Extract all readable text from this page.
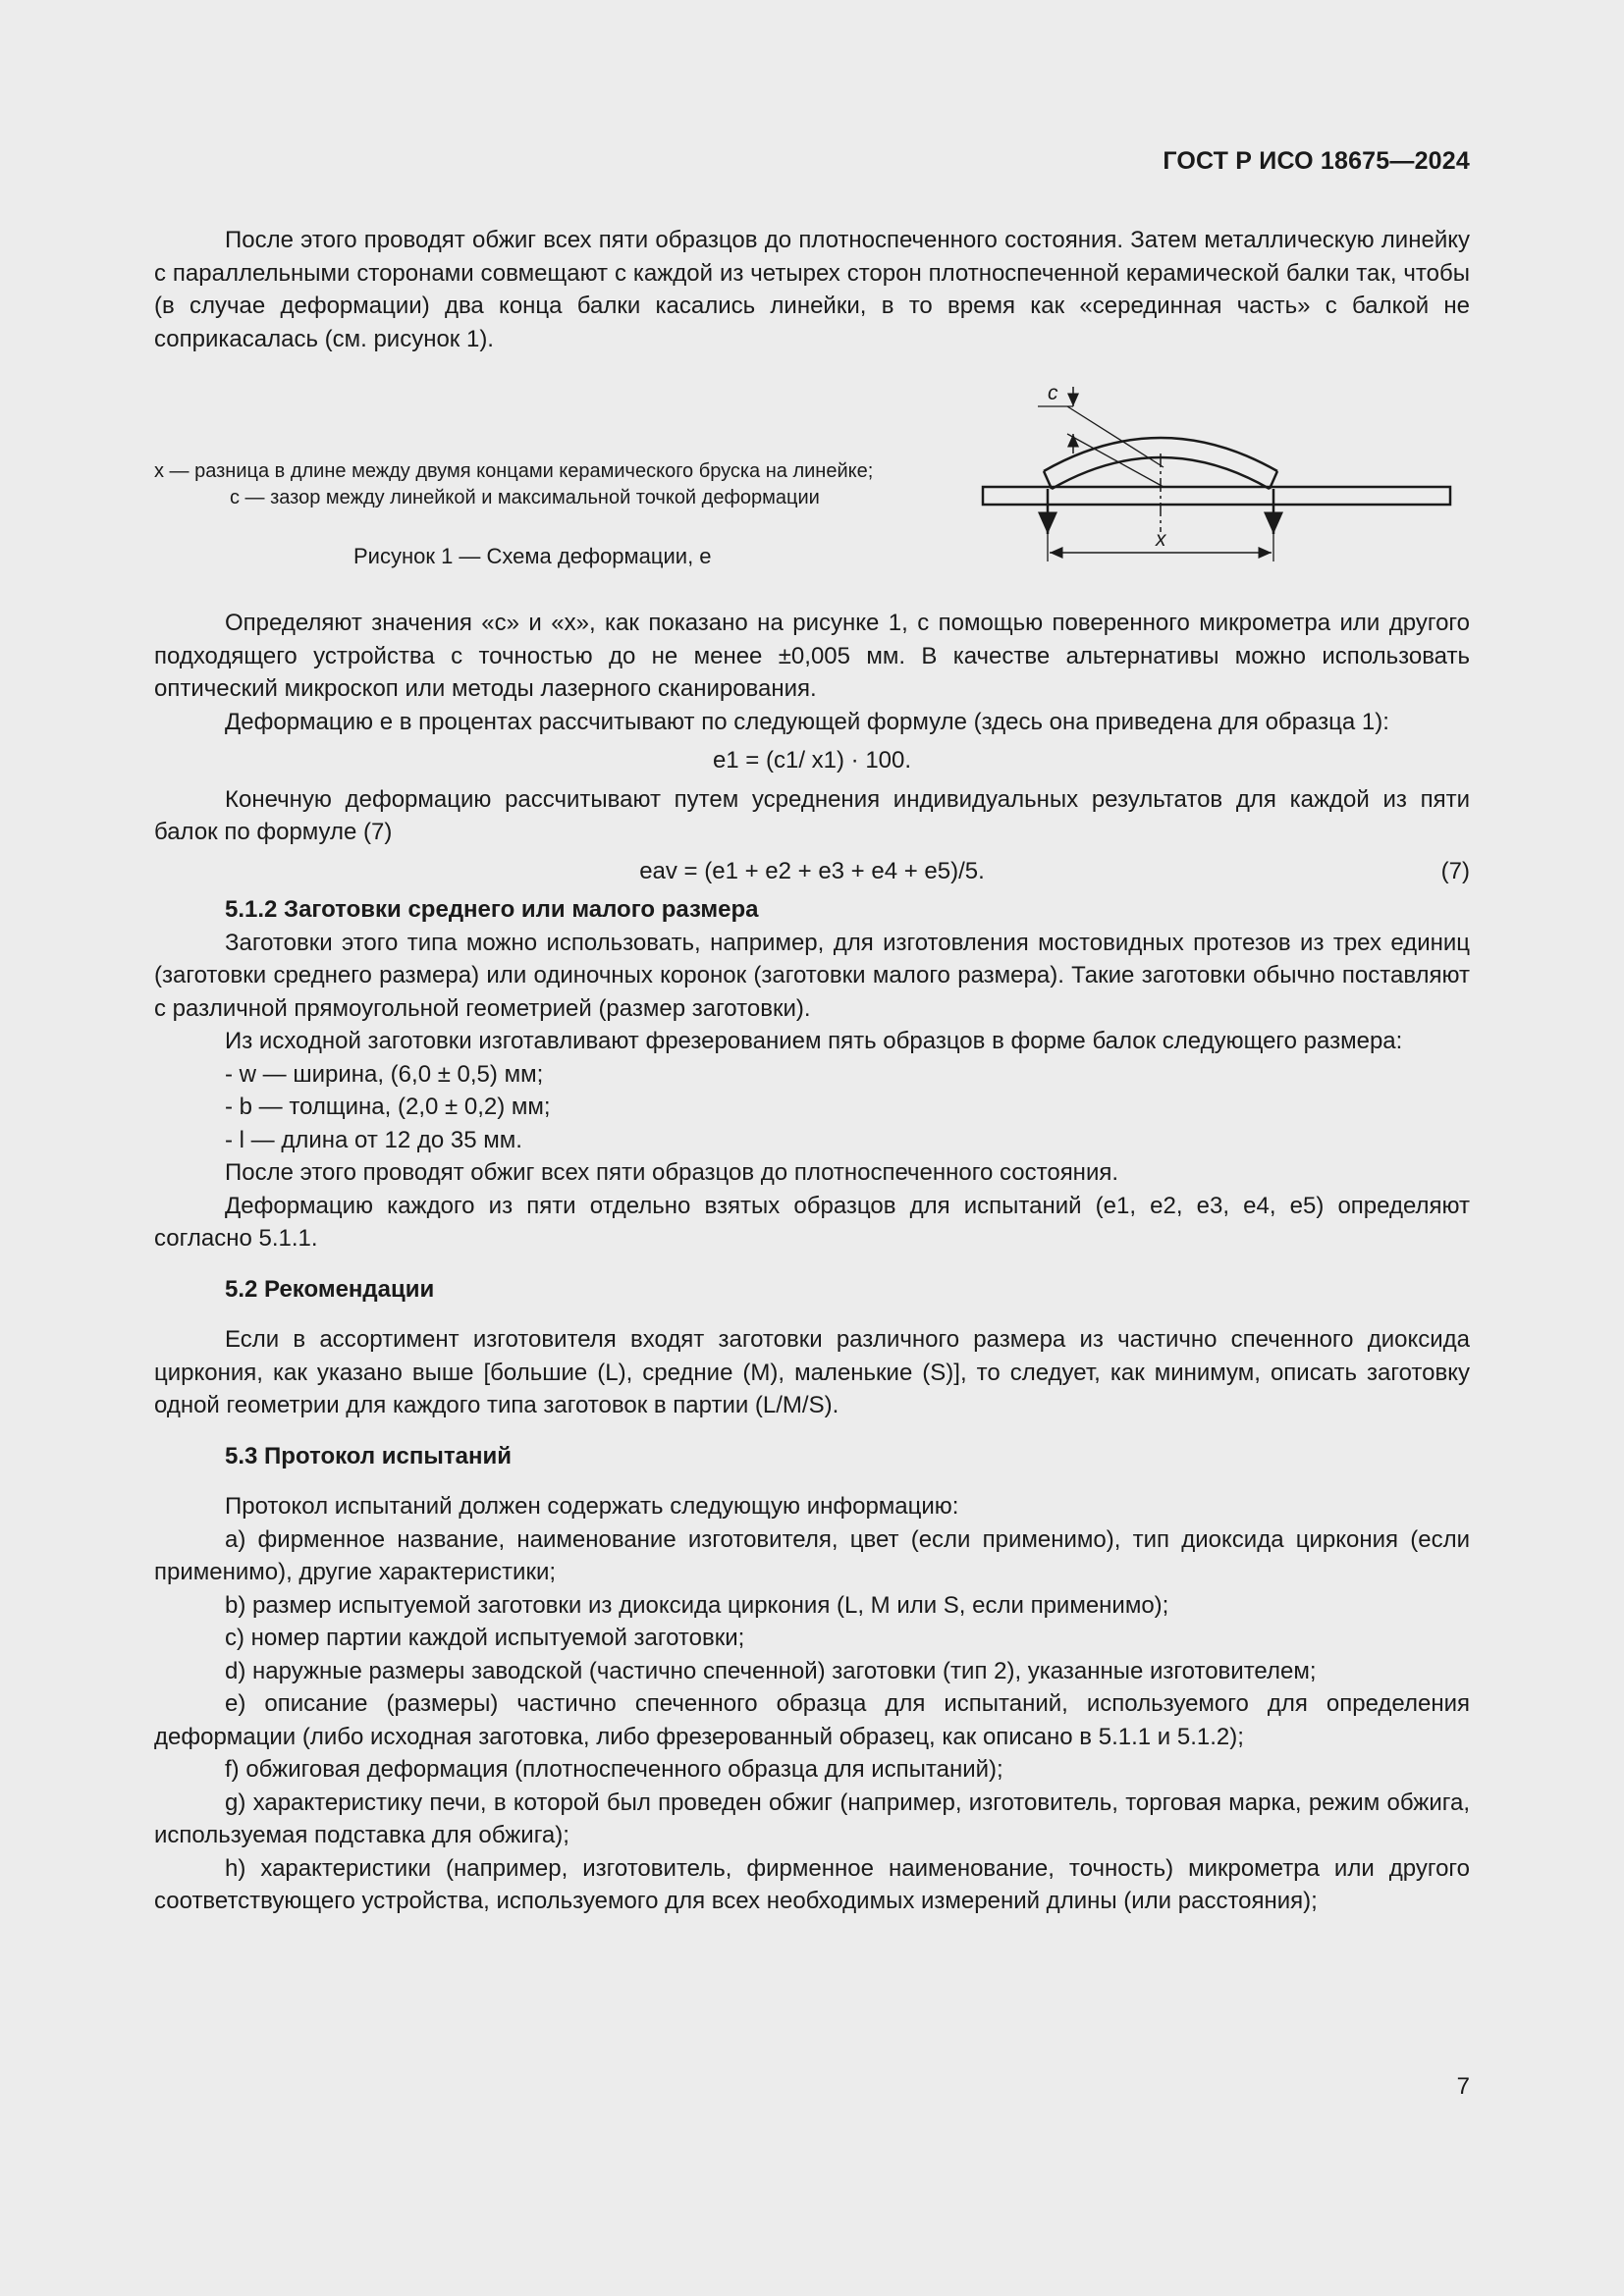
ГОСТ Р ИСО 18675—2024

После этого проводят обжиг всех пяти образцов до плотноспеченного состояния. Затем металлическую линейку с параллельными сторонами совмещают с каждой из четырех сторон плотноспеченной керамической балки так, чтобы (в случае деформации) два конца балки касались линейки, в то время как «серединная часть» с балкой не соприкасалась (см. рисунок 1).

x — разница в длине между двумя концами керамического бруска на линейке;
c — зазор между линейкой и максимальной точкой деформации
Рисунок 1 — Схема деформации, e
c
x

Определяют значения «с» и «х», как показано на рисунке 1, с помощью поверенного микрометра или другого подходящего устройства с точностью до не менее ±0,005 мм. В качестве альтернативы можно использовать оптический микроскоп или методы лазерного сканирования.

Деформацию e в процентах рассчитывают по следующей формуле (здесь она приведена для образца 1):

e1 = (c1/ x1) · 100.

Конечную деформацию рассчитывают путем усреднения индивидуальных результатов для каждой из пяти балок по формуле (7)

eav = (e1 + e2 + e3 + e4 + e5)/5.	(7)
5.1.2 Заготовки среднего или малого размера

Заготовки этого типа можно использовать, например, для изготовления мостовидных протезов из трех единиц (заготовки среднего размера) или одиночных коронок (заготовки малого размера). Такие заготовки обычно поставляют с различной прямоугольной геометрией (размер заготовки).

Из исходной заготовки изготавливают фрезерованием пять образцов в форме балок следующего размера:

- w — ширина, (6,0 ± 0,5) мм;

- b — толщина, (2,0 ± 0,2) мм;

- l — длина от 12 до 35 мм.

После этого проводят обжиг всех пяти образцов до плотноспеченного состояния.

Деформацию каждого из пяти отдельно взятых образцов для испытаний (e1, e2, e3, e4, e5) определяют согласно 5.1.1.

5.2 Рекомендации

Если в ассортимент изготовителя входят заготовки различного размера из частично спеченного диоксида циркония, как указано выше [большие (L), средние (M), маленькие (S)], то следует, как минимум, описать заготовку одной геометрии для каждого типа заготовок в партии (L/M/S).

5.3 Протокол испытаний

Протокол испытаний должен содержать следующую информацию:

a) фирменное название, наименование изготовителя, цвет (если применимо), тип диоксида циркония (если применимо), другие характеристики;

b) размер испытуемой заготовки из диоксида циркония (L, M или S, если применимо);

c) номер партии каждой испытуемой заготовки;

d) наружные размеры заводской (частично спеченной) заготовки (тип 2), указанные изготовителем;

e) описание (размеры) частично спеченного образца для испытаний, используемого для определения деформации (либо исходная заготовка, либо фрезерованный образец, как описано в 5.1.1 и 5.1.2);

f) обжиговая деформация (плотноспеченного образца для испытаний);

g) характеристику печи, в которой был проведен обжиг (например, изготовитель, торговая марка, режим обжига, используемая подставка для обжига);

h) характеристики (например, изготовитель, фирменное наименование, точность) микрометра или другого соответствующего устройства, используемого для всех необходимых измерений длины (или расстояния);

7
